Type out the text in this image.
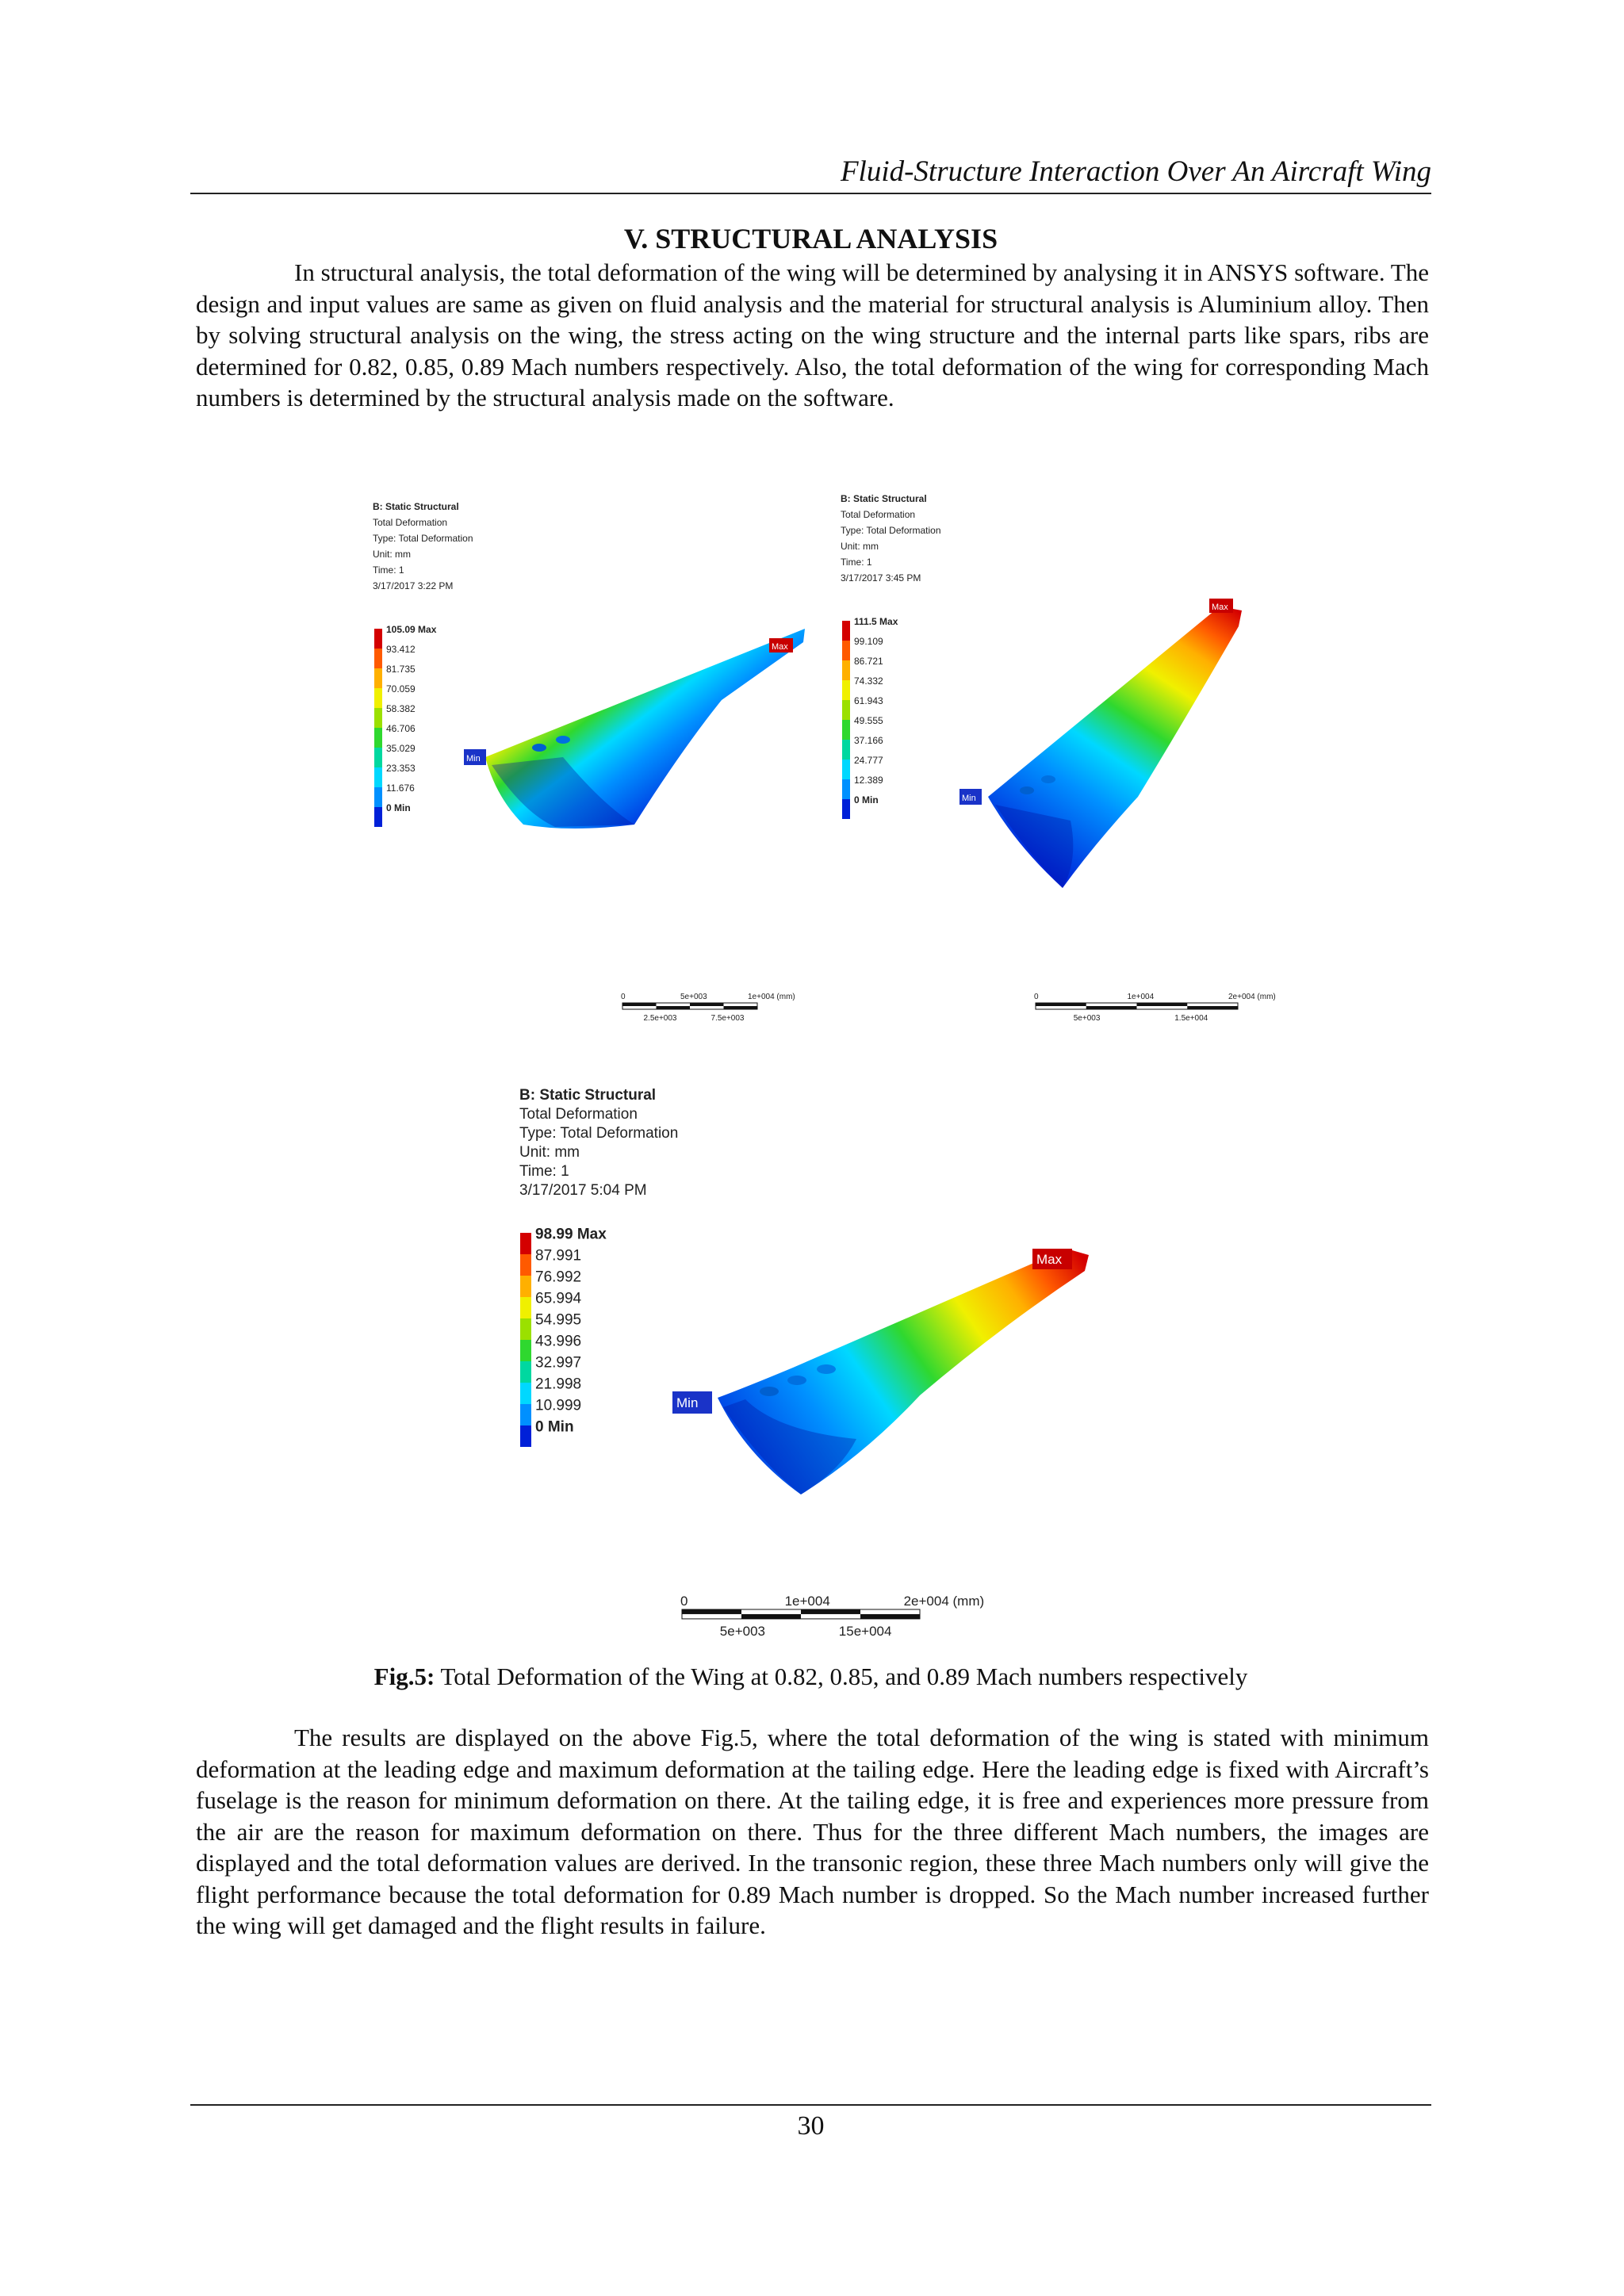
Fluid-Structure Interaction Over An Aircraft Wing
V. STRUCTURAL ANALYSIS

In structural analysis, the total deformation of the wing will be determined by analysing it in ANSYS software. The design and input values are same as given on fluid analysis and the material for structural analysis is Aluminium alloy. Then by solving structural analysis on the wing, the stress acting on the wing structure and the internal parts like spars, ribs are determined for 0.82, 0.85, 0.89 Mach numbers respectively. Also, the total deformation of the wing for corresponding Mach numbers is determined by the structural analysis made on the software.

B: Static Structural
Total Deformation
Type: Total Deformation
Unit: mm
Time: 1
3/17/2017 3:22 PM
105.09 Max
93.412
81.735
70.059
58.382
46.706
35.029
23.353
11.676
0 Min
Min
Max
0	5e+003	1e+004 (mm)
2.5e+003	7.5e+003
B: Static Structural
Total Deformation
Type: Total Deformation
Unit: mm
Time: 1
3/17/2017 3:45 PM
111.5 Max
99.109
86.721
74.332
61.943
49.555
37.166
24.777
12.389
0 Min	Min
Max
0	1e+004	2e+004 (mm)
5e+003	1.5e+004
B: Static Structural
Total Deformation
Type: Total Deformation
Unit: mm
Time: 1
3/17/2017 5:04 PM
98.99 Max
87.991
76.992
65.994
54.995
43.996
32.997
21.998
10.999
0 Min
Min
Max
0	1e+004	2e+004 (mm)
5e+003	15e+004
Fig.5: Total Deformation of the Wing at 0.82, 0.85, and 0.89 Mach numbers respectively

The results are displayed on the above Fig.5, where the total deformation of the wing is stated with minimum deformation at the leading edge and maximum deformation at the tailing edge. Here the leading edge is fixed with Aircraft’s fuselage is the reason for minimum deformation on there. At the tailing edge, it is free and experiences more pressure from the air are the reason for maximum deformation on there. Thus for the three different Mach numbers, the images are displayed and the total deformation values are derived. In the transonic region, these three Mach numbers only will give the flight performance because the total deformation for 0.89 Mach number is dropped. So the Mach number increased further the wing will get damaged and the flight results in failure.

30
